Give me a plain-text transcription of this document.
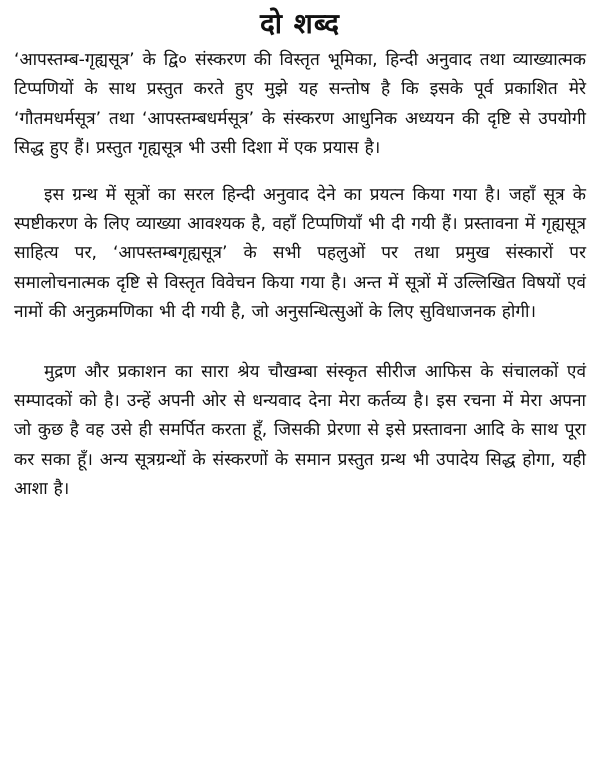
दो शब्द

‘आपस्तम्ब-गृह्यसूत्र’ के द्वि० संस्करण की विस्तृत भूमिका, हिन्दी अनुवाद तथा व्याख्यात्मक टिप्पणियों के साथ प्रस्तुत करते हुए मुझे यह सन्तोष है कि इसके पूर्व प्रकाशित मेरे ‘गौतमधर्मसूत्र’ तथा ‘आपस्तम्बधर्मसूत्र’ के संस्करण आधुनिक अध्ययन की दृष्टि से उपयोगी सिद्ध हुए हैं। प्रस्तुत गृह्यसूत्र भी उसी दिशा में एक प्रयास है।

इस ग्रन्थ में सूत्रों का सरल हिन्दी अनुवाद देने का प्रयत्न किया गया है। जहाँ सूत्र के स्पष्टीकरण के लिए व्याख्या आवश्यक है, वहाँ टिप्पणियाँ भी दी गयी हैं। प्रस्तावना में गृह्यसूत्र साहित्य पर, ‘आपस्तम्बगृह्यसूत्र’ के सभी पहलुओं पर तथा प्रमुख संस्कारों पर समालोचनात्मक दृष्टि से विस्तृत विवेचन किया गया है। अन्त में सूत्रों में उल्लिखित विषयों एवं नामों की अनुक्रमणिका भी दी गयी है, जो अनुसन्धित्सुओं के लिए सुविधाजनक होगी।

मुद्रण और प्रकाशन का सारा श्रेय चौखम्बा संस्कृत सीरीज आफिस के संचालकों एवं सम्पादकों को है। उन्हें अपनी ओर से धन्यवाद देना मेरा कर्तव्य है। इस रचना में मेरा अपना जो कुछ है वह उसे ही समर्पित करता हूँ, जिसकी प्रेरणा से इसे प्रस्तावना आदि के साथ पूरा कर सका हूँ। अन्य सूत्रग्रन्थों के संस्करणों के समान प्रस्तुत ग्रन्थ भी उपादेय सिद्ध होगा, यही आशा है।
